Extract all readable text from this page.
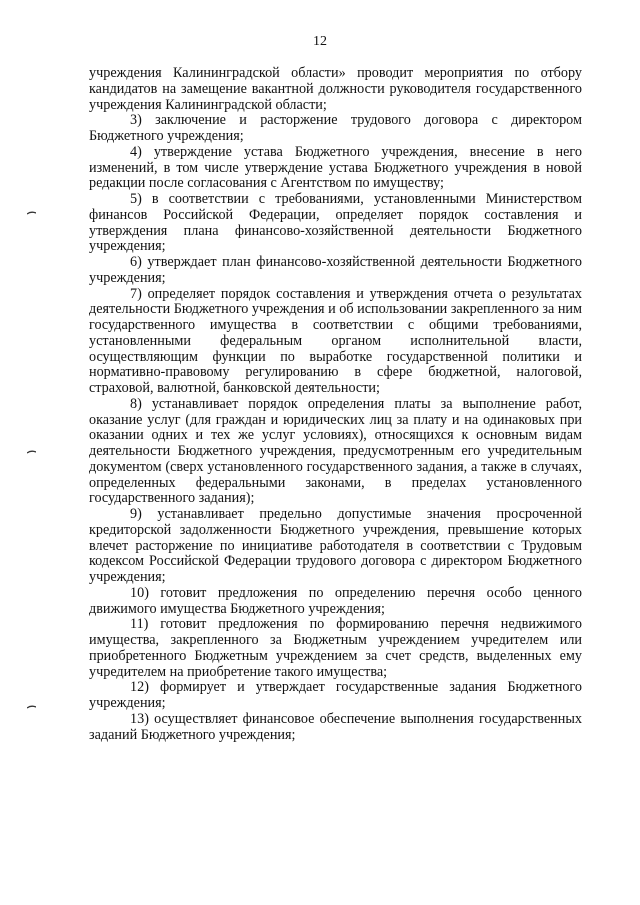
12

учреждения Калининградской области» проводит мероприятия по отбору кандидатов на замещение вакантной должности руководителя государственного учреждения Калининградской области;

3) заключение и расторжение трудового договора с директором Бюджетного учреждения;

4) утверждение устава Бюджетного учреждения, внесение в него изменений, в том числе утверждение устава Бюджетного учреждения в новой редакции после согласования с Агентством по имуществу;

5) в соответствии с требованиями, установленными Министерством финансов Российской Федерации, определяет порядок составления и утверждения плана финансово-хозяйственной деятельности Бюджетного учреждения;

6) утверждает план финансово-хозяйственной деятельности Бюджетного учреждения;

7) определяет порядок составления и утверждения отчета о результатах деятельности Бюджетного учреждения и об использовании закрепленного за ним государственного имущества в соответствии с общими требованиями, установленными федеральным органом исполнительной власти, осуществляющим функции по выработке государственной политики и нормативно-правовому регулированию в сфере бюджетной, налоговой, страховой, валютной, банковской деятельности;

8) устанавливает порядок определения платы за выполнение работ, оказание услуг (для граждан и юридических лиц за плату и на одинаковых при оказании одних и тех же услуг условиях), относящихся к основным видам деятельности Бюджетного учреждения, предусмотренным его учредительным документом (сверх установленного государственного задания, а также в случаях, определенных федеральными законами, в пределах установленного государственного задания);

9) устанавливает предельно допустимые значения просроченной кредиторской задолженности Бюджетного учреждения, превышение которых влечет расторжение по инициативе работодателя в соответствии с Трудовым кодексом Российской Федерации трудового договора с директором Бюджетного учреждения;

10) готовит предложения по определению перечня особо ценного движимого имущества Бюджетного учреждения;

11) готовит предложения по формированию перечня недвижимого имущества, закрепленного за Бюджетным учреждением учредителем или приобретенного Бюджетным учреждением за счет средств, выделенных ему учредителем на приобретение такого имущества;

12) формирует и утверждает государственные задания Бюджетного учреждения;

13) осуществляет финансовое обеспечение выполнения государственных заданий Бюджетного учреждения;
